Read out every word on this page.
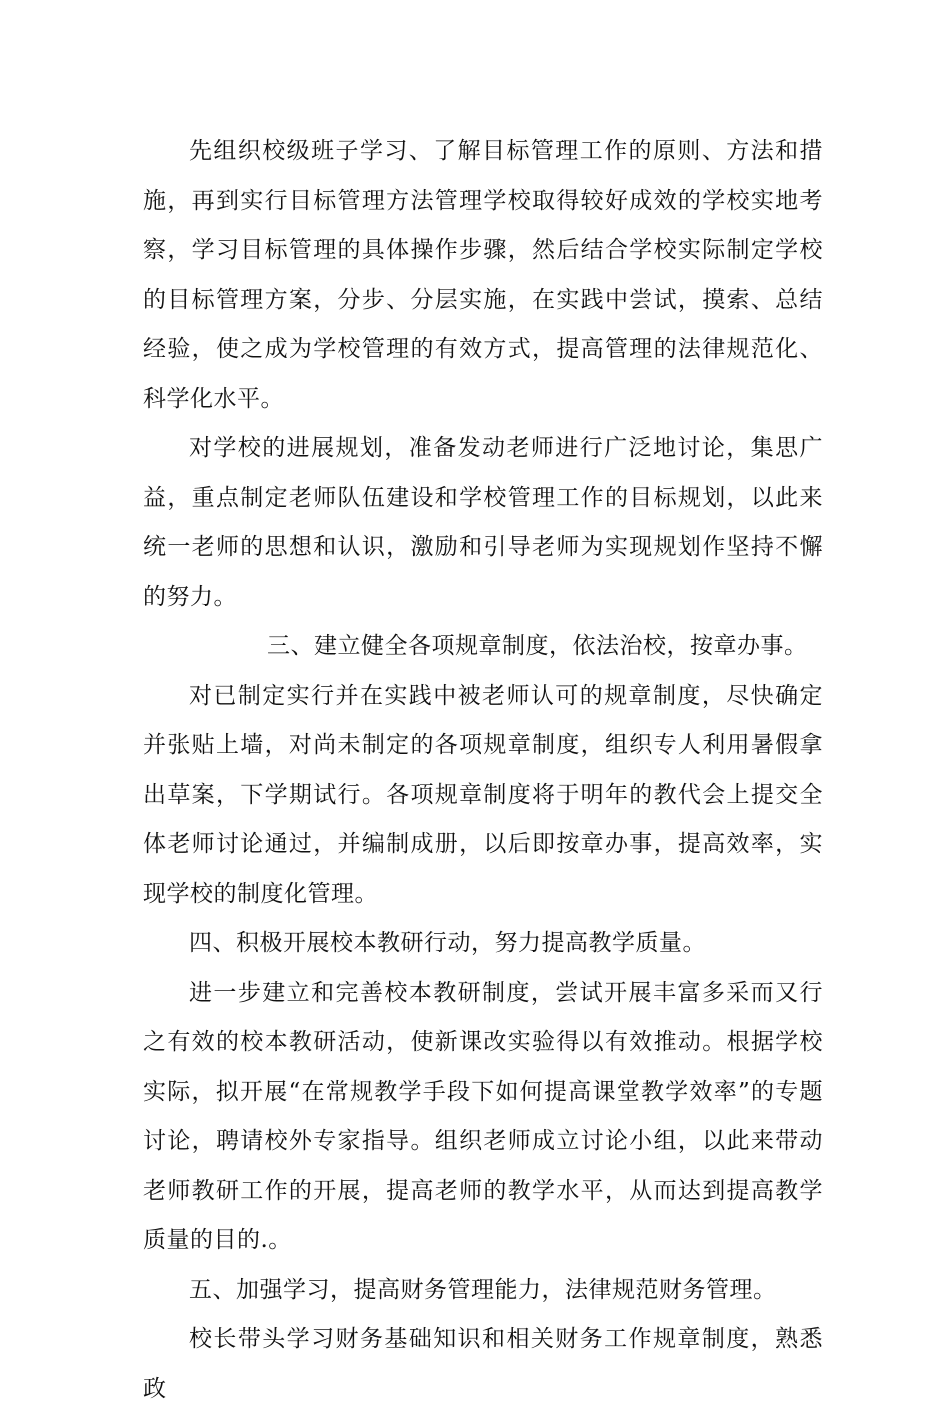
先组织校级班子学习、了解目标管理工作的原则、方法和措施，再到实行目标管理方法管理学校取得较好成效的学校实地考察，学习目标管理的具体操作步骤，然后结合学校实际制定学校的目标管理方案，分步、分层实施，在实践中尝试，摸索、总结经验，使之成为学校管理的有效方式，提高管理的法律规范化、科学化水平。

对学校的进展规划，准备发动老师进行广泛地讨论，集思广益，重点制定老师队伍建设和学校管理工作的目标规划，以此来统一老师的思想和认识，激励和引导老师为实现规划作坚持不懈的努力。

三、建立健全各项规章制度，依法治校，按章办事。

对已制定实行并在实践中被老师认可的规章制度，尽快确定并张贴上墙，对尚未制定的各项规章制度，组织专人利用暑假拿出草案，下学期试行。各项规章制度将于明年的教代会上提交全体老师讨论通过，并编制成册，以后即按章办事，提高效率，实现学校的制度化管理。

四、积极开展校本教研行动，努力提高教学质量。

进一步建立和完善校本教研制度，尝试开展丰富多采而又行之有效的校本教研活动，使新课改实验得以有效推动。根据学校实际，拟开展“在常规教学手段下如何提高课堂教学效率”的专题讨论，聘请校外专家指导。组织老师成立讨论小组，以此来带动老师教研工作的开展，提高老师的教学水平，从而达到提高教学质量的目的.。

五、加强学习，提高财务管理能力，法律规范财务管理。

校长带头学习财务基础知识和相关财务工作规章制度，熟悉政
